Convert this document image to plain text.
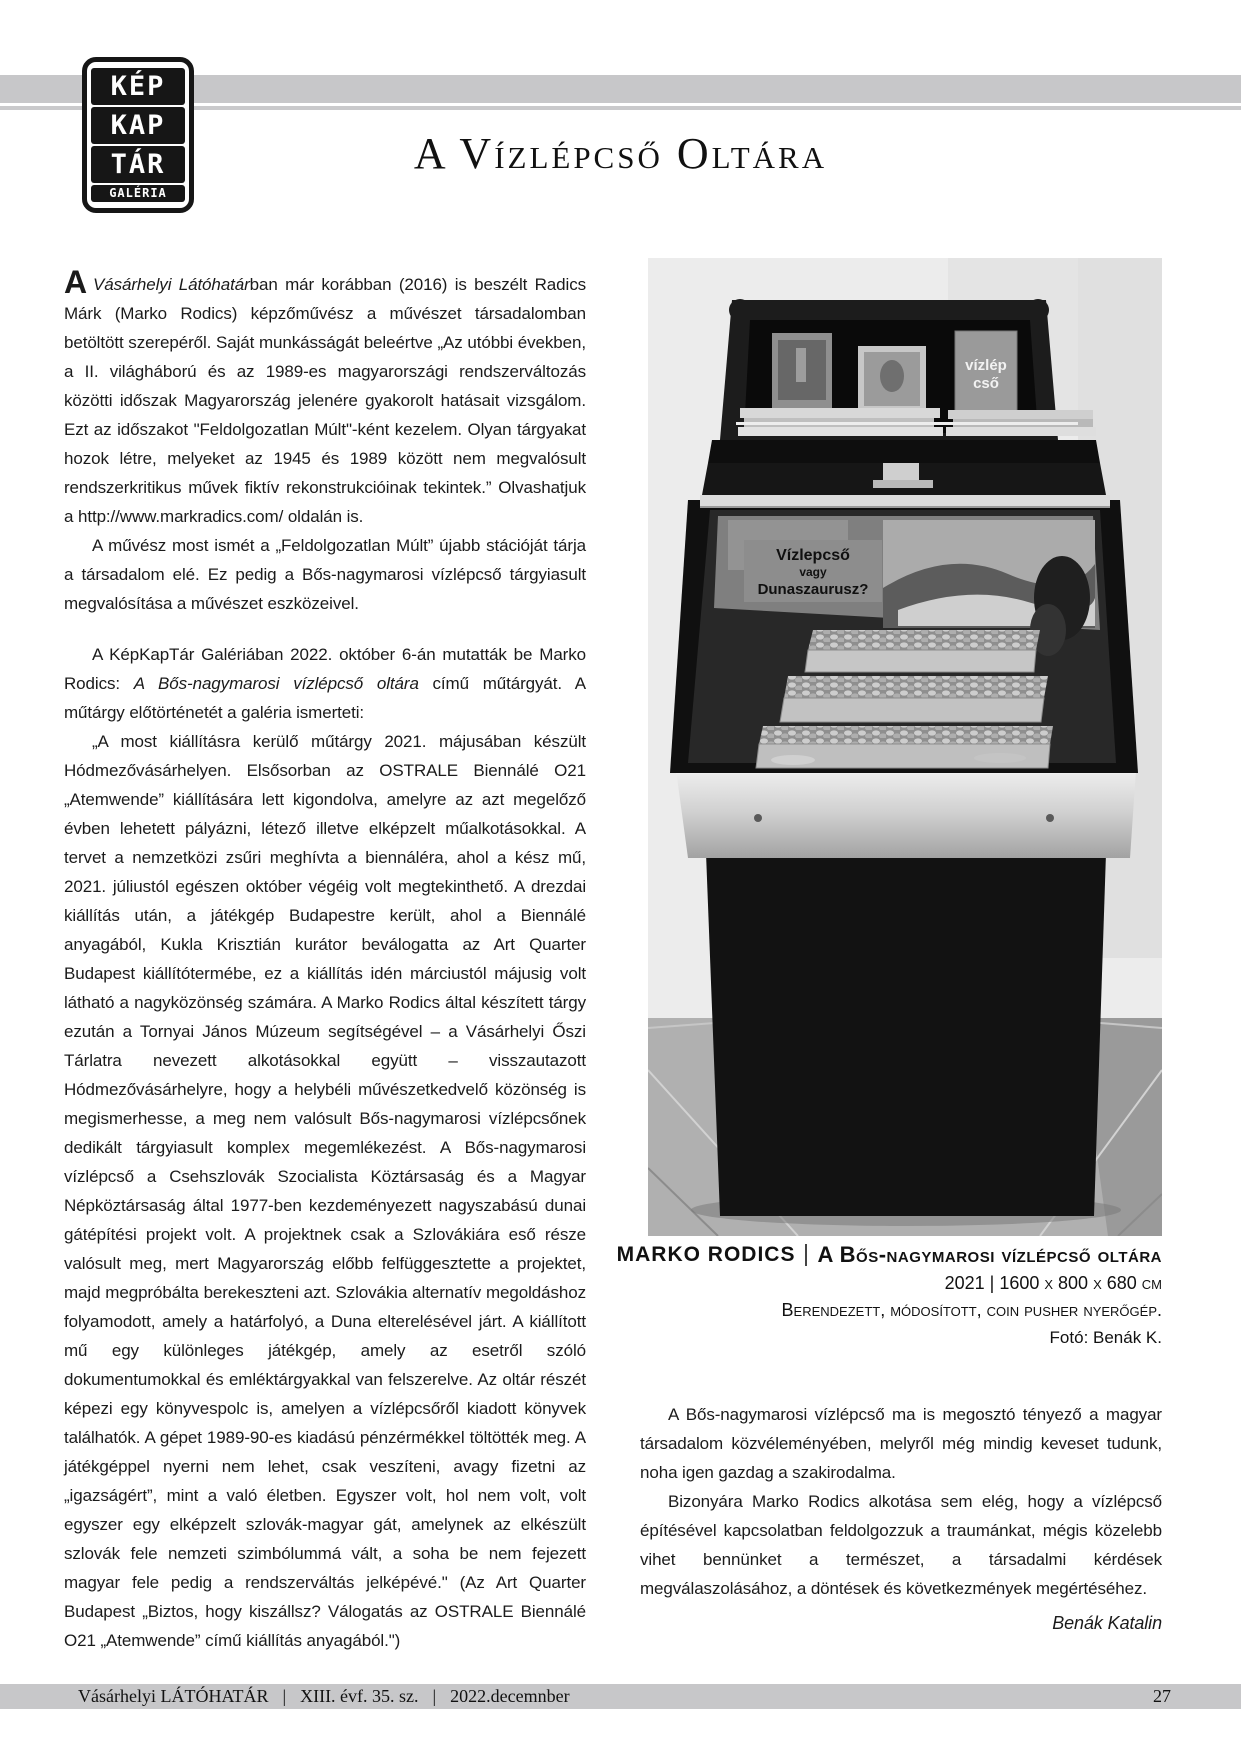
KÉP
KAP
TÁR
GALÉRIA
A Vízlépcső Oltára

A Vásárhelyi Látóhatárban már korábban (2016) is beszélt Radics Márk (Marko Rodics) képzőművész a művészet társadalomban betöltött szerepéről. Saját munkásságát beleértve „Az utóbbi években, a II. világháború és az 1989-es magyarországi rendszerváltozás közötti időszak Magyarország jelenére gyakorolt hatásait vizsgálom. Ezt az időszakot "Feldolgozatlan Múlt"-ként kezelem. Olyan tárgyakat hozok létre, melyeket az 1945 és 1989 között nem megvalósult rendszerkritikus művek fiktív rekonstrukcióinak tekintek.” Olvashatjuk a http://www.markradics.com/ oldalán is.

A művész most ismét a „Feldolgozatlan Múlt” újabb stációját tárja a társadalom elé. Ez pedig a Bős-nagymarosi vízlépcső tárgyiasult megvalósítása a művészet eszközeivel.

A KépKapTár Galériában 2022. október 6-án mutatták be Marko Rodics: A Bős-nagymarosi vízlépcső oltára című műtárgyát. A műtárgy előtörténetét a galéria ismerteti:

„A most kiállításra kerülő műtárgy 2021. májusában készült Hódmezővásárhelyen. Elsősorban az OSTRALE Biennálé O21 „Atemwende” kiállítására lett kigondolva, amelyre az azt megelőző évben lehetett pályázni, létező illetve elképzelt műalkotásokkal. A tervet a nemzetközi zsűri meghívta a biennáléra, ahol a kész mű, 2021. júliustól egészen október végéig volt megtekinthető. A drezdai kiállítás után, a játékgép Budapestre került, ahol a Biennálé anyagából, Kukla Krisztián kurátor beválogatta az Art Quarter Budapest kiállítótermébe, ez a kiállítás idén márciustól májusig volt látható a nagyközönség számára. A Marko Rodics által készített tárgy ezután a Tornyai János Múzeum segítségével – a Vásárhelyi Őszi Tárlatra nevezett alkotásokkal együtt – visszautazott Hódmezővásárhelyre, hogy a helybéli művészetkedvelő közönség is megismerhesse, a meg nem valósult Bős-nagymarosi vízlépcsőnek dedikált tárgyiasult komplex megemlékezést. A Bős-nagymarosi vízlépcső a Csehszlovák Szocialista Köztársaság és a Magyar Népköztársaság által 1977-ben kezdeményezett nagyszabású dunai gátépítési projekt volt. A projektnek csak a Szlovákiára eső része valósult meg, mert Magyarország előbb felfüggesztette a projektet, majd megpróbálta berekeszteni azt. Szlovákia alternatív megoldáshoz folyamodott, amely a határfolyó, a Duna elterelésével járt. A kiállított mű egy különleges játékgép, amely az esetről szóló dokumentumokkal és emléktárgyakkal van felszerelve. Az oltár részét képezi egy könyvespolc is, amelyen a vízlépcsőről kiadott könyvek találhatók. A gépet 1989-90-es kiadású pénzérmékkel töltötték meg. A játékgéppel nyerni nem lehet, csak veszíteni, avagy fizetni az „igazságért”, mint a való életben. Egyszer volt, hol nem volt, volt egyszer egy elképzelt szlovák-magyar gát, amelynek az elkészült szlovák fele nemzeti szimbólummá vált, a soha be nem fejezett magyar fele pedig a rendszerváltás jelképévé." (Az Art Quarter Budapest „Biztos, hogy kiszállsz? Válogatás az OSTRALE Biennálé O21 „Atemwende” című kiállítás anyagából.")

Vízlepcső
vagy
Dunaszaurusz?
vízlép
cső
MARKO RODICS A Bős-nagymarosi vízlépcső oltára
2021 | 1600 x 800 x 680 cm
Berendezett, módosított, coin pusher nyerőgép.
Fotó: Benák K.

A Bős-nagymarosi vízlépcső ma is megosztó tényező a magyar társadalom közvéleményében, melyről még mindig keveset tudunk, noha igen gazdag a szakirodalma.

Bizonyára Marko Rodics alkotása sem elég, hogy a vízlépcső építésével kapcsolatban feldolgozzuk a traumánkat, mégis közelebb vihet bennünket a természet, a társadalmi kérdések megválaszolásához, a döntések és következmények megértéséhez.

Benák Katalin

Vásárhelyi LÁTÓHATÁR | XIII. évf. 35. sz. | 2022.decemnber	27
